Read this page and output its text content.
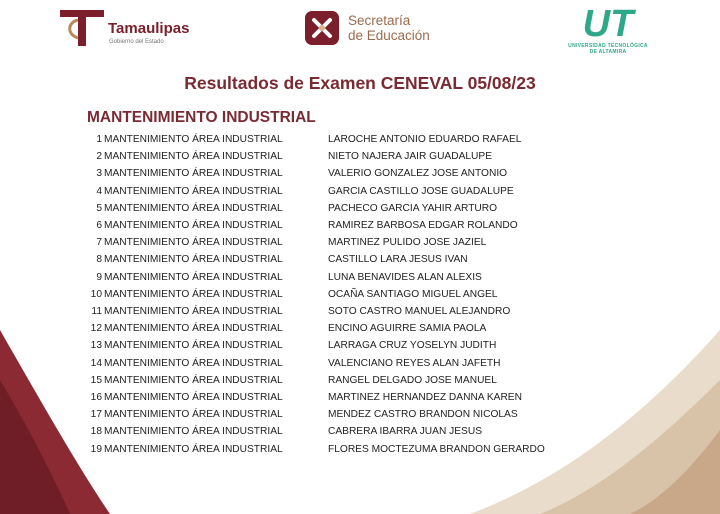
Tamaulipas
Gobierno del Estado
Secretaría
de Educación	UT
UNIVERSIDAD TECNOLÓGICA
DE ALTAMIRA
Resultados de Examen CENEVAL 05/08/23
MANTENIMIENTO INDUSTRIAL
1 MANTENIMIENTO ÁREA INDUSTRIAL	LAROCHE ANTONIO EDUARDO RAFAEL
2 MANTENIMIENTO ÁREA INDUSTRIAL	NIETO NAJERA JAIR GUADALUPE
3 MANTENIMIENTO ÁREA INDUSTRIAL	VALERIO GONZALEZ JOSE ANTONIO
4 MANTENIMIENTO ÁREA INDUSTRIAL	GARCIA CASTILLO JOSE GUADALUPE
5 MANTENIMIENTO ÁREA INDUSTRIAL	PACHECO GARCIA YAHIR ARTURO
6 MANTENIMIENTO ÁREA INDUSTRIAL	RAMIREZ BARBOSA EDGAR ROLANDO
7 MANTENIMIENTO ÁREA INDUSTRIAL	MARTINEZ PULIDO JOSE JAZIEL
8 MANTENIMIENTO ÁREA INDUSTRIAL	CASTILLO LARA JESUS IVAN
9 MANTENIMIENTO ÁREA INDUSTRIAL	LUNA BENAVIDES ALAN ALEXIS
10 MANTENIMIENTO ÁREA INDUSTRIAL	OCAÑA SANTIAGO MIGUEL ANGEL
11 MANTENIMIENTO ÁREA INDUSTRIAL	SOTO CASTRO MANUEL ALEJANDRO
12 MANTENIMIENTO ÁREA INDUSTRIAL	ENCINO AGUIRRE SAMIA PAOLA
13 MANTENIMIENTO ÁREA INDUSTRIAL	LARRAGA CRUZ YOSELYN JUDITH
14 MANTENIMIENTO ÁREA INDUSTRIAL	VALENCIANO REYES ALAN JAFETH
15 MANTENIMIENTO ÁREA INDUSTRIAL	RANGEL DELGADO JOSE MANUEL
16 MANTENIMIENTO ÁREA INDUSTRIAL	MARTINEZ HERNANDEZ DANNA KAREN
17 MANTENIMIENTO ÁREA INDUSTRIAL	MENDEZ CASTRO BRANDON NICOLAS
18 MANTENIMIENTO ÁREA INDUSTRIAL	CABRERA IBARRA JUAN JESUS
19 MANTENIMIENTO ÁREA INDUSTRIAL	FLORES MOCTEZUMA BRANDON GERARDO
